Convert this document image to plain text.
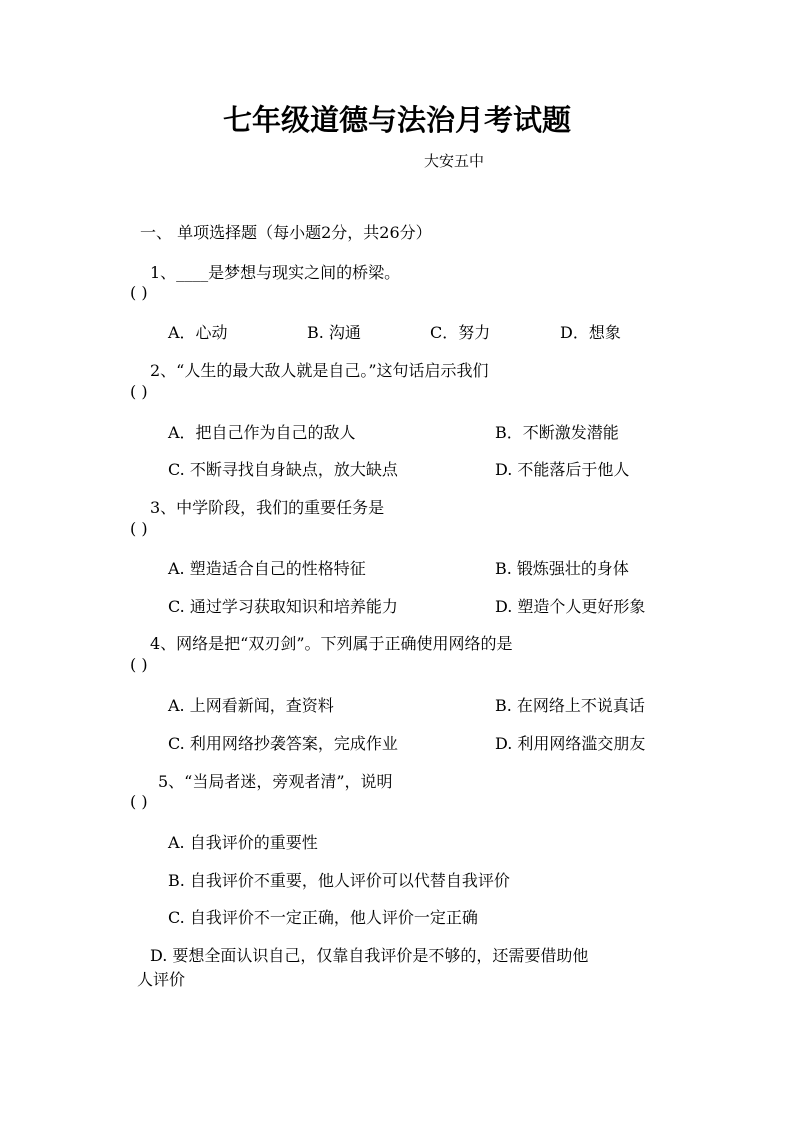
七年级道德与法治月考试题
大安五中
一、 单项选择题（每小题2分，共26分）
1、____是梦想与现实之间的桥梁。
( )
A．心动	B. 沟通	C．努力	D．想象
2、“人生的最大敌人就是自己。”这句话启示我们
( )
A．把自己作为自己的敌人	B．不断激发潜能
C. 不断寻找自身缺点，放大缺点	D. 不能落后于他人
3、中学阶段，我们的重要任务是
( )
A. 塑造适合自己的性格特征	B. 锻炼强壮的身体
C. 通过学习获取知识和培养能力	D. 塑造个人更好形象
4、网络是把“双刃剑”。下列属于正确使用网络的是
( )
A. 上网看新闻，查资料	B. 在网络上不说真话
C. 利用网络抄袭答案，完成作业	D. 利用网络滥交朋友
5、“当局者迷，旁观者清”，说明
( )
A. 自我评价的重要性
B. 自我评价不重要，他人评价可以代替自我评价
C. 自我评价不一定正确，他人评价一定正确
D. 要想全面认识自己，仅靠自我评价是不够的，还需要借助他
人评价
